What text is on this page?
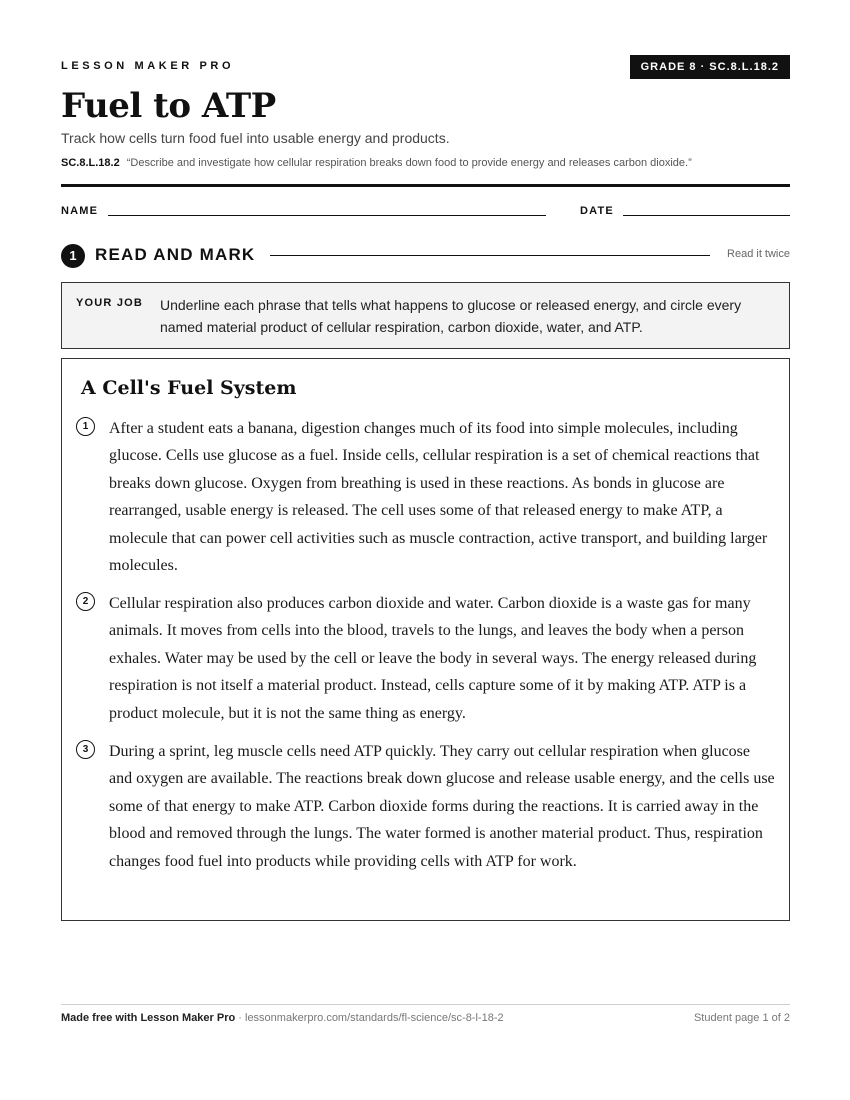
LESSON MAKER PRO	GRADE 8 · SC.8.L.18.2
Fuel to ATP
Track how cells turn food fuel into usable energy and products.
SC.8.L.18.2 “Describe and investigate how cellular respiration breaks down food to provide energy and releases carbon dioxide.”
NAME	DATE
1	READ AND MARK	Read it twice
YOUR JOB Underline each phrase that tells what happens to glucose or released energy, and circle every named material product of cellular respiration, carbon dioxide, water, and ATP.
A Cell's Fuel System
1	After a student eats a banana, digestion changes much of its food into simple molecules, including glucose. Cells use glucose as a fuel. Inside cells, cellular respiration is a set of chemical reactions that breaks down glucose. Oxygen from breathing is used in these reactions. As bonds in glucose are rearranged, usable energy is released. The cell uses some of that released energy to make ATP, a molecule that can power cell activities such as muscle contraction, active transport, and building larger molecules.

2	Cellular respiration also produces carbon dioxide and water. Carbon dioxide is a waste gas for many animals. It moves from cells into the blood, travels to the lungs, and leaves the body when a person exhales. Water may be used by the cell or leave the body in several ways. The energy released during respiration is not itself a material product. Instead, cells capture some of it by making ATP. ATP is a product molecule, but it is not the same thing as energy.

3	During a sprint, leg muscle cells need ATP quickly. They carry out cellular respiration when glucose and oxygen are available. The reactions break down glucose and release usable energy, and the cells use some of that energy to make ATP. Carbon dioxide forms during the reactions. It is carried away in the blood and removed through the lungs. The water formed is another material product. Thus, respiration changes food fuel into products while providing cells with ATP for work.

Made free with Lesson Maker Pro · lessonmakerpro.com/standards/fl-science/sc-8-l-18-2	Student page 1 of 2
